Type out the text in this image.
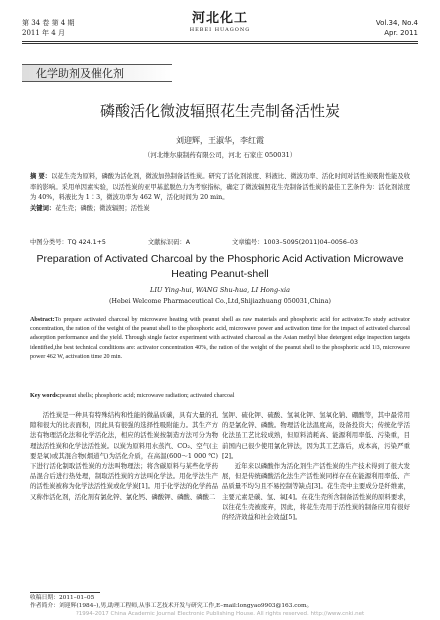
第 34 卷 第 4 期
2011 年 4 月
河北化工
HEBEI HUAGONG
Vol.34, No.4
Apr. 2011
化学助剂及催化剂
磷酸活化微波辐照花生壳制备活性炭
刘迎辉，王淑华，李红霞
（河北维尔康制药有限公司，河北 石家庄 050031）
摘 要：以花生壳为原料，磷酸为活化剂，微波加热制备活性炭。研究了活化剂浓度、料液比、微波功率、活化时间对活性炭吸附性能及收率的影响。采用单因素实验，以活性炭的亚甲基蓝脱色力为考察指标，确定了微波辐照花生壳制备活性炭的最佳工艺条件为：活化剂浓度为 40%，料液比为 1∶3，微波功率为 462 W，活化时间为 20 min。
关键词：花生壳；磷酸；微波辐照；活性炭
中图分类号：TQ 424.1+5	文献标识码：A	文章编号：1003–5095(2011)04–0056–03
Preparation of Activated Charcoal by the Phosphoric Acid Activation Microwave Heating Peanut-shell
LIU Ying-hui, WANG Shu-hua, LI Hong-xia
(Hebei Welcome Pharmaceutical Co.,Ltd,Shijiazhuang 050031,China)
Abstract:To prepare activated charcoal by microwave heating with peanut shell as raw materials and phosphoric acid for activator.To study activator concentration, the ration of the weight of the peanut shell to the phosphoric acid, microwave power and activation time for the impact of activated charcoal adsorption performance and the yield. Through single factor experiment with activated charcoal as the Asian methyl blue detergent edge inspection targets identified,the best technical conditions are: activator concentration 40%, the ration of the weight of the peanut shell to the phosphoric acid 1∶3, microwave power 462 W, activation time 20 min.
Key words:peanut shells; phosphoric acid; microwave radiation; activated charcoal

活性炭是一种具有特殊结构和性能的微晶质碳，具有大量的孔隙和很大的比表面积，因此具有很强的选择性吸附能力。其生产方法有物理活化法和化学活化法，相应的活性炭按制造方法可分为物理法活性炭和化学法活性炭。以炭为原料用水蒸汽、CO₂、空气(主要是氧)或其混合物(烟道气)为活化介质，在高温(600～1 000 ℃)下进行活化制取活性炭的方法叫物理法；将含碳原料与某些化学药品混合后进行热处理，制取活性炭的方法叫化学法。用化学法生产的活性炭被称为化学法活性炭或化学炭[1]。用于化学法的化学药品又称作活化剂，活化剂有氯化锌、氯化钙、磷酸钾、磷酸、磷酸二

氢钾、硫化钾、硫酸、氢氧化钾、氢氧化钠、硼酸等，其中最常用的是氯化锌、磷酸。物理活化法温度高，设备投资大；传统化学活化法虽工艺比较成熟，但原料消耗高、能源利用率低、污染重，目前国内已很少使用氯化锌法，因为其工艺落后，成本高，污染严重[2]。

近年来以磷酸作为活化剂生产活性炭的生产技术得到了很大发展，但是传统磷酸活化法生产活性炭同样存在在能源利用率低、产品质量不均匀且不易控制等缺点[3]。花生壳中主要成分是纤维素，主要元素是碳、氢、氧[4]。在花生壳所含制备活性炭的原料要求，以往花生壳被废弃，因此，将花生壳用于活性炭的制备应用有很好的经济效益和社会效益[5]。

收稿日期：2011–01–05
作者简介：刘迎辉(1984–),男,助理工程师,从事工艺技术开发与研究工作,E–mail:longyao9903@163.com。
?1994-2017 China Academic Journal Electronic Publishing House. All rights reserved. http://www.cnki.net
